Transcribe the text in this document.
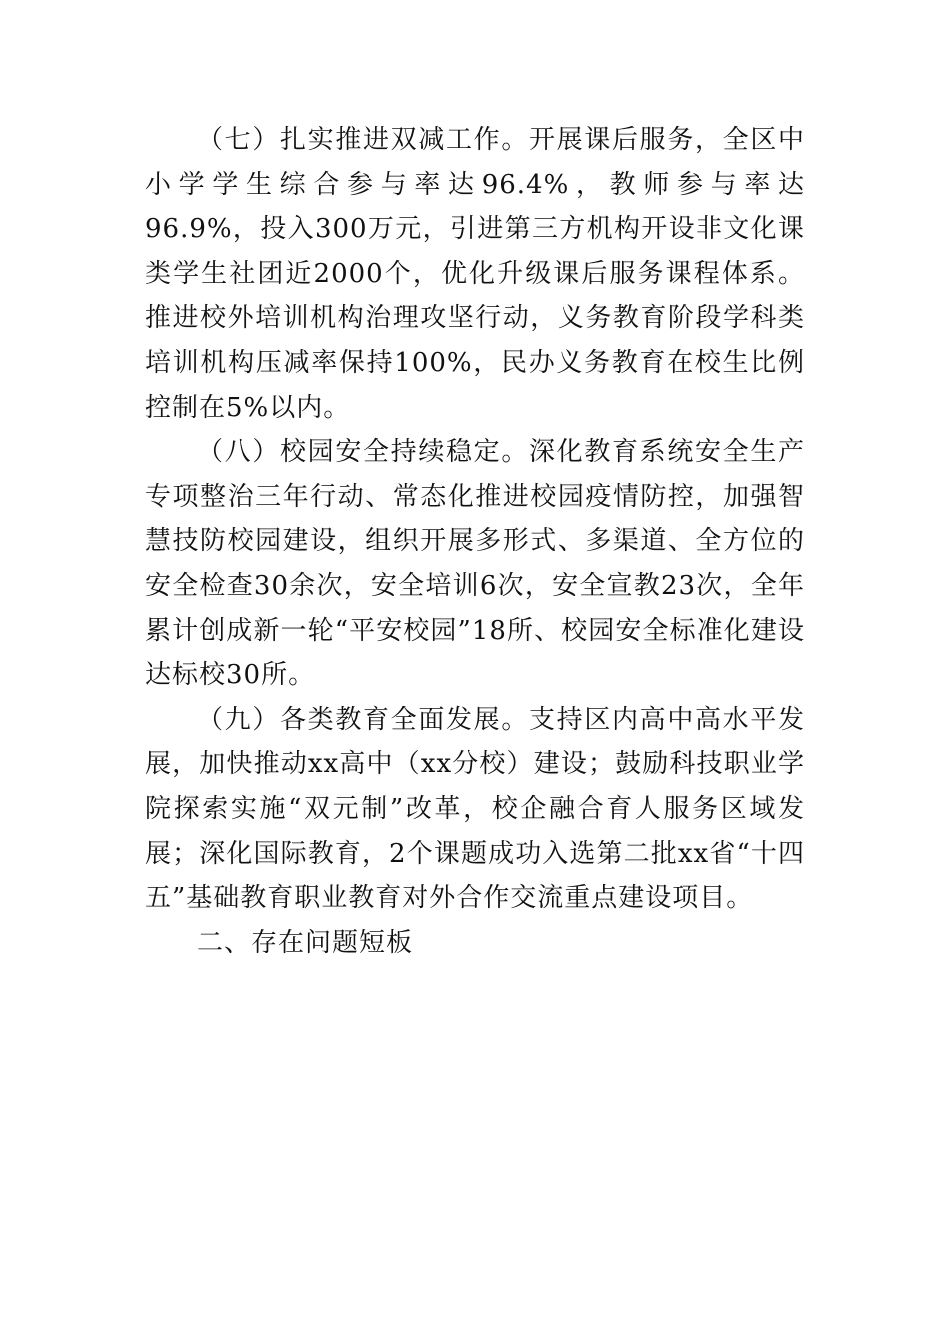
（七）扎实推进双减工作。开展课后服务，全区中小学学生综合参与率达96.4%，教师参与率达96.9%，投入300万元，引进第三方机构开设非文化课类学生社团近2000个，优化升级课后服务课程体系。推进校外培训机构治理攻坚行动，义务教育阶段学科类培训机构压减率保持100%，民办义务教育在校生比例控制在5%以内。

（八）校园安全持续稳定。深化教育系统安全生产专项整治三年行动、常态化推进校园疫情防控，加强智慧技防校园建设，组织开展多形式、多渠道、全方位的安全检查30余次，安全培训6次，安全宣教23次，全年累计创成新一轮“平安校园”18所、校园安全标准化建设达标校30所。

（九）各类教育全面发展。支持区内高中高水平发展，加快推动xx高中（xx分校）建设；鼓励科技职业学院探索实施“双元制”改革，校企融合育人服务区域发展；深化国际教育，2个课题成功入选第二批xx省“十四五”基础教育职业教育对外合作交流重点建设项目。

二、存在问题短板
